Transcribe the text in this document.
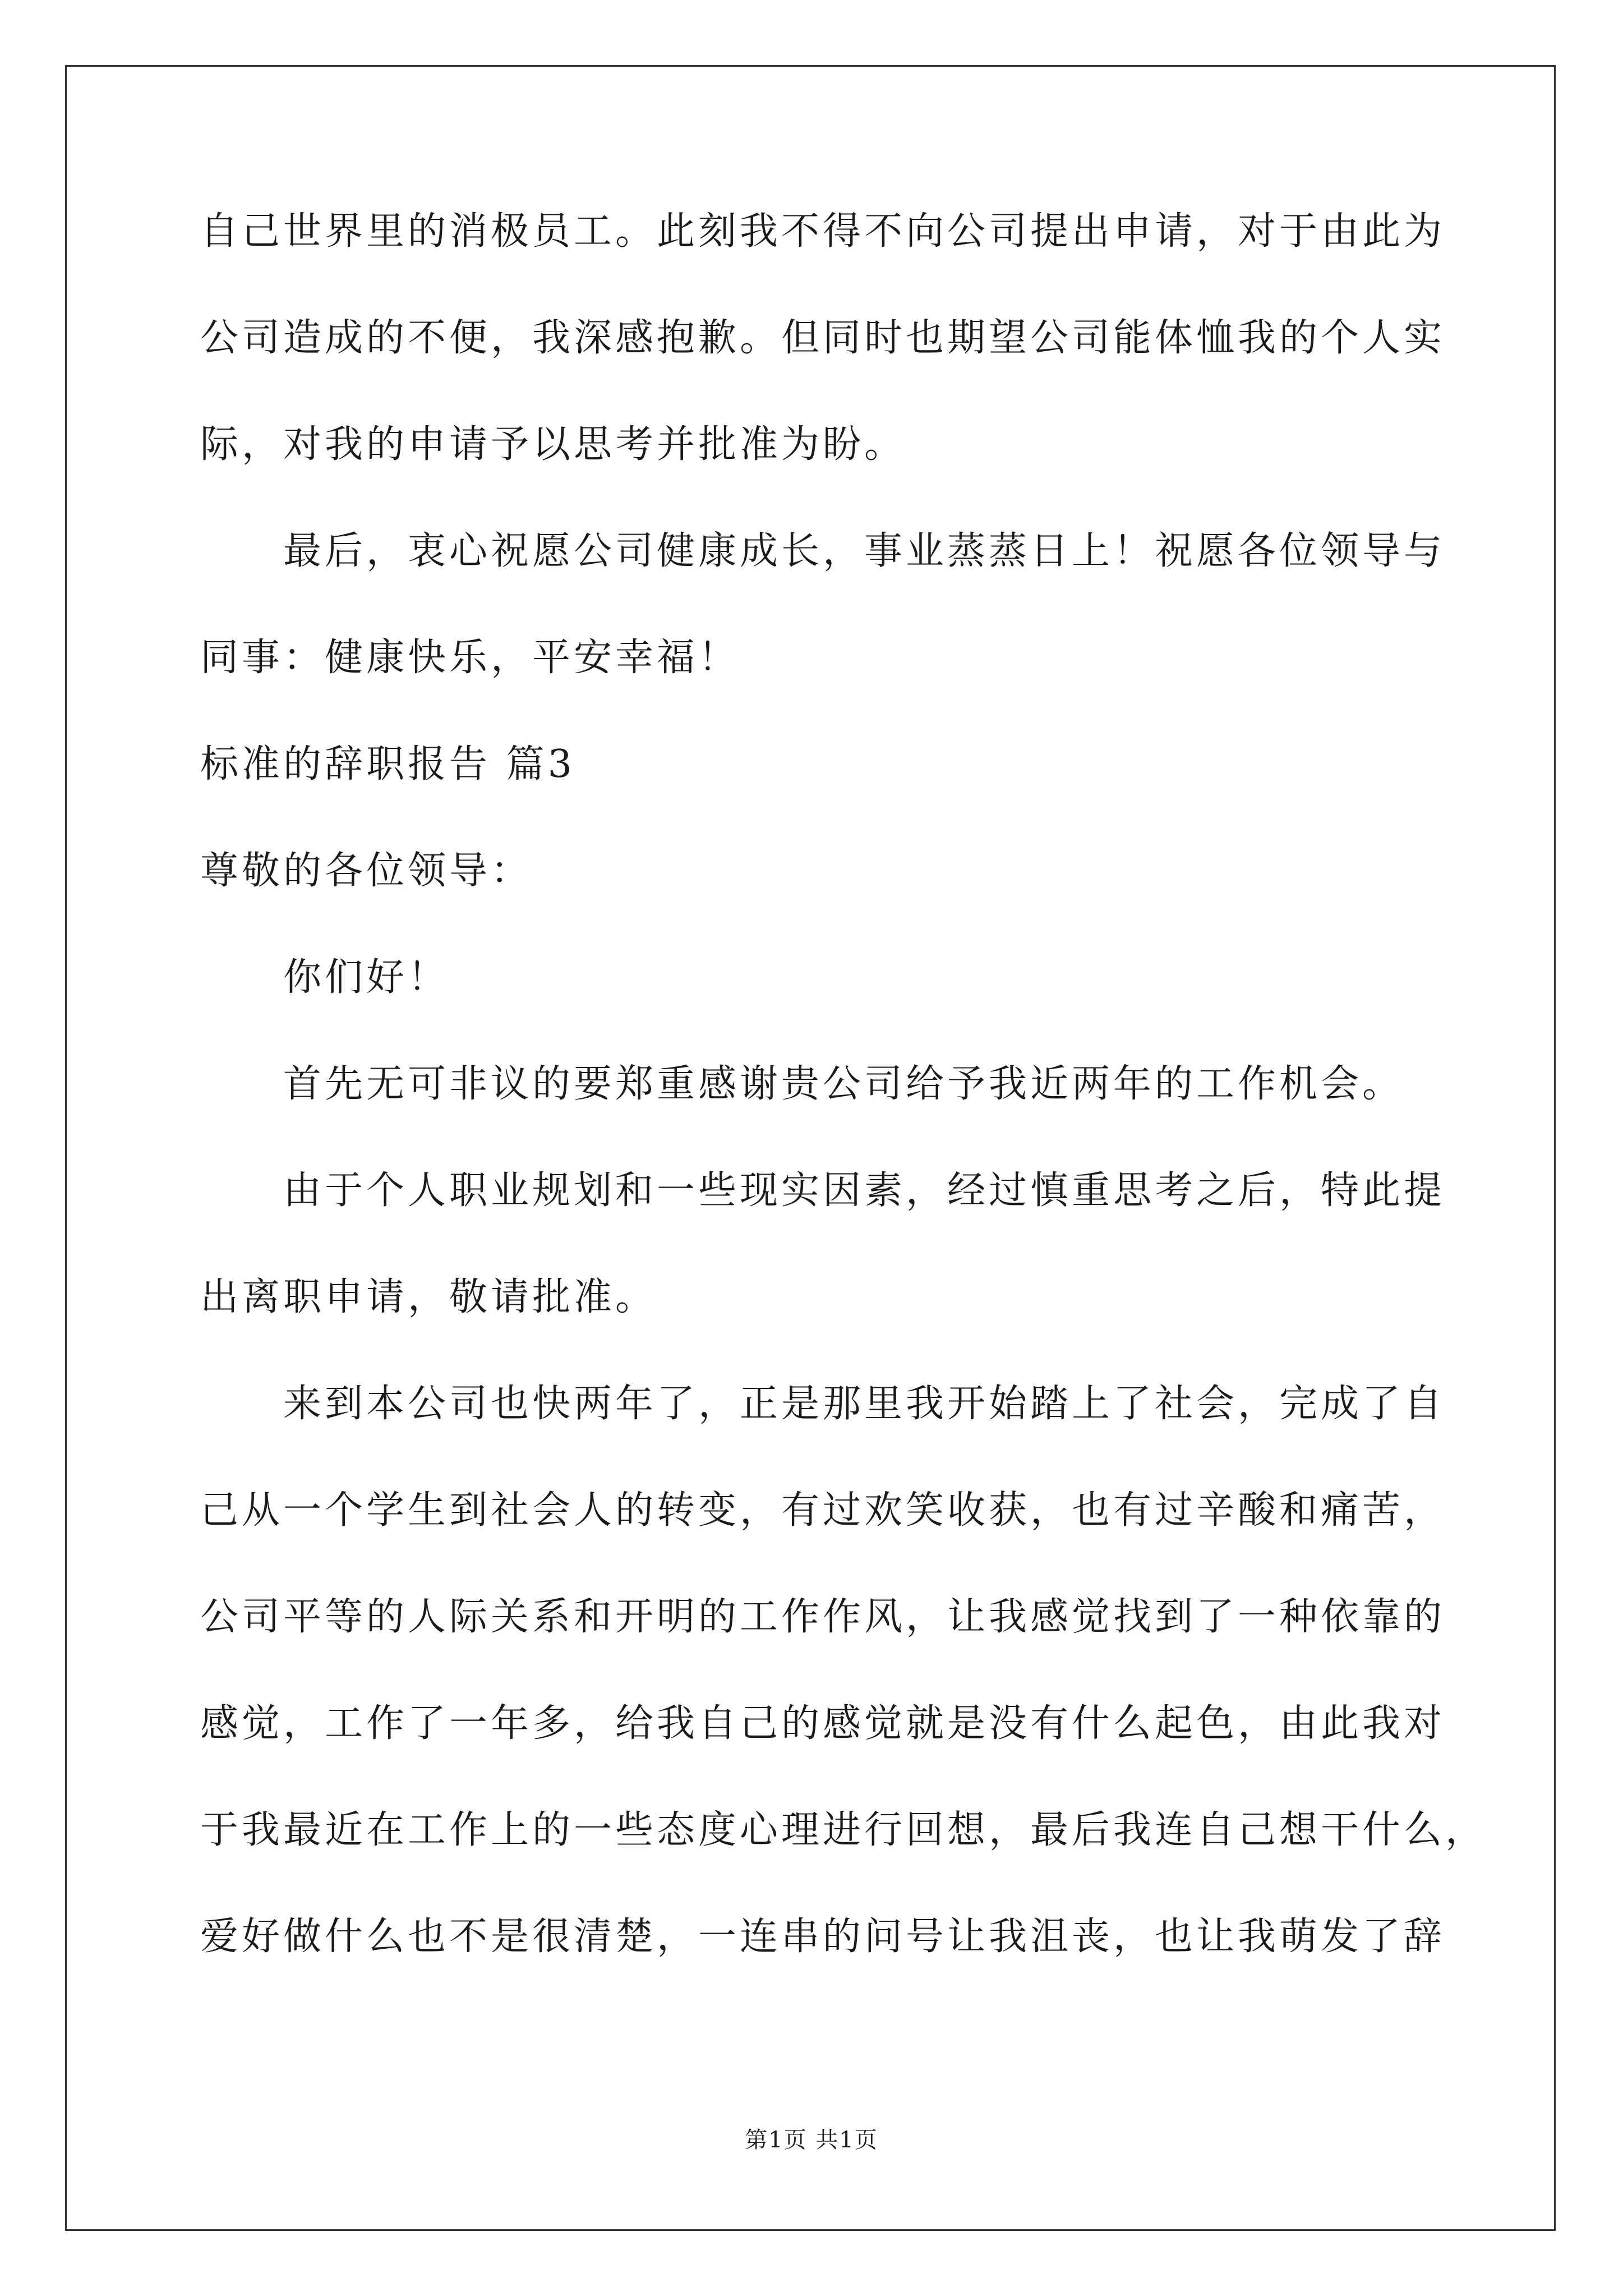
自己世界里的消极员工。此刻我不得不向公司提出申请，对于由此为

公司造成的不便，我深感抱歉。但同时也期望公司能体恤我的个人实

际，对我的申请予以思考并批准为盼。

最后，衷心祝愿公司健康成长，事业蒸蒸日上！祝愿各位领导与

同事：健康快乐，平安幸福！

标准的辞职报告 篇3

尊敬的各位领导：

你们好！

首先无可非议的要郑重感谢贵公司给予我近两年的工作机会。

由于个人职业规划和一些现实因素，经过慎重思考之后，特此提

出离职申请，敬请批准。

来到本公司也快两年了，正是那里我开始踏上了社会，完成了自

己从一个学生到社会人的转变，有过欢笑收获，也有过辛酸和痛苦，

公司平等的人际关系和开明的工作作风，让我感觉找到了一种依靠的

感觉，工作了一年多，给我自己的感觉就是没有什么起色，由此我对

于我最近在工作上的一些态度心理进行回想，最后我连自己想干什么，

爱好做什么也不是很清楚，一连串的问号让我沮丧，也让我萌发了辞

第1页 共1页
